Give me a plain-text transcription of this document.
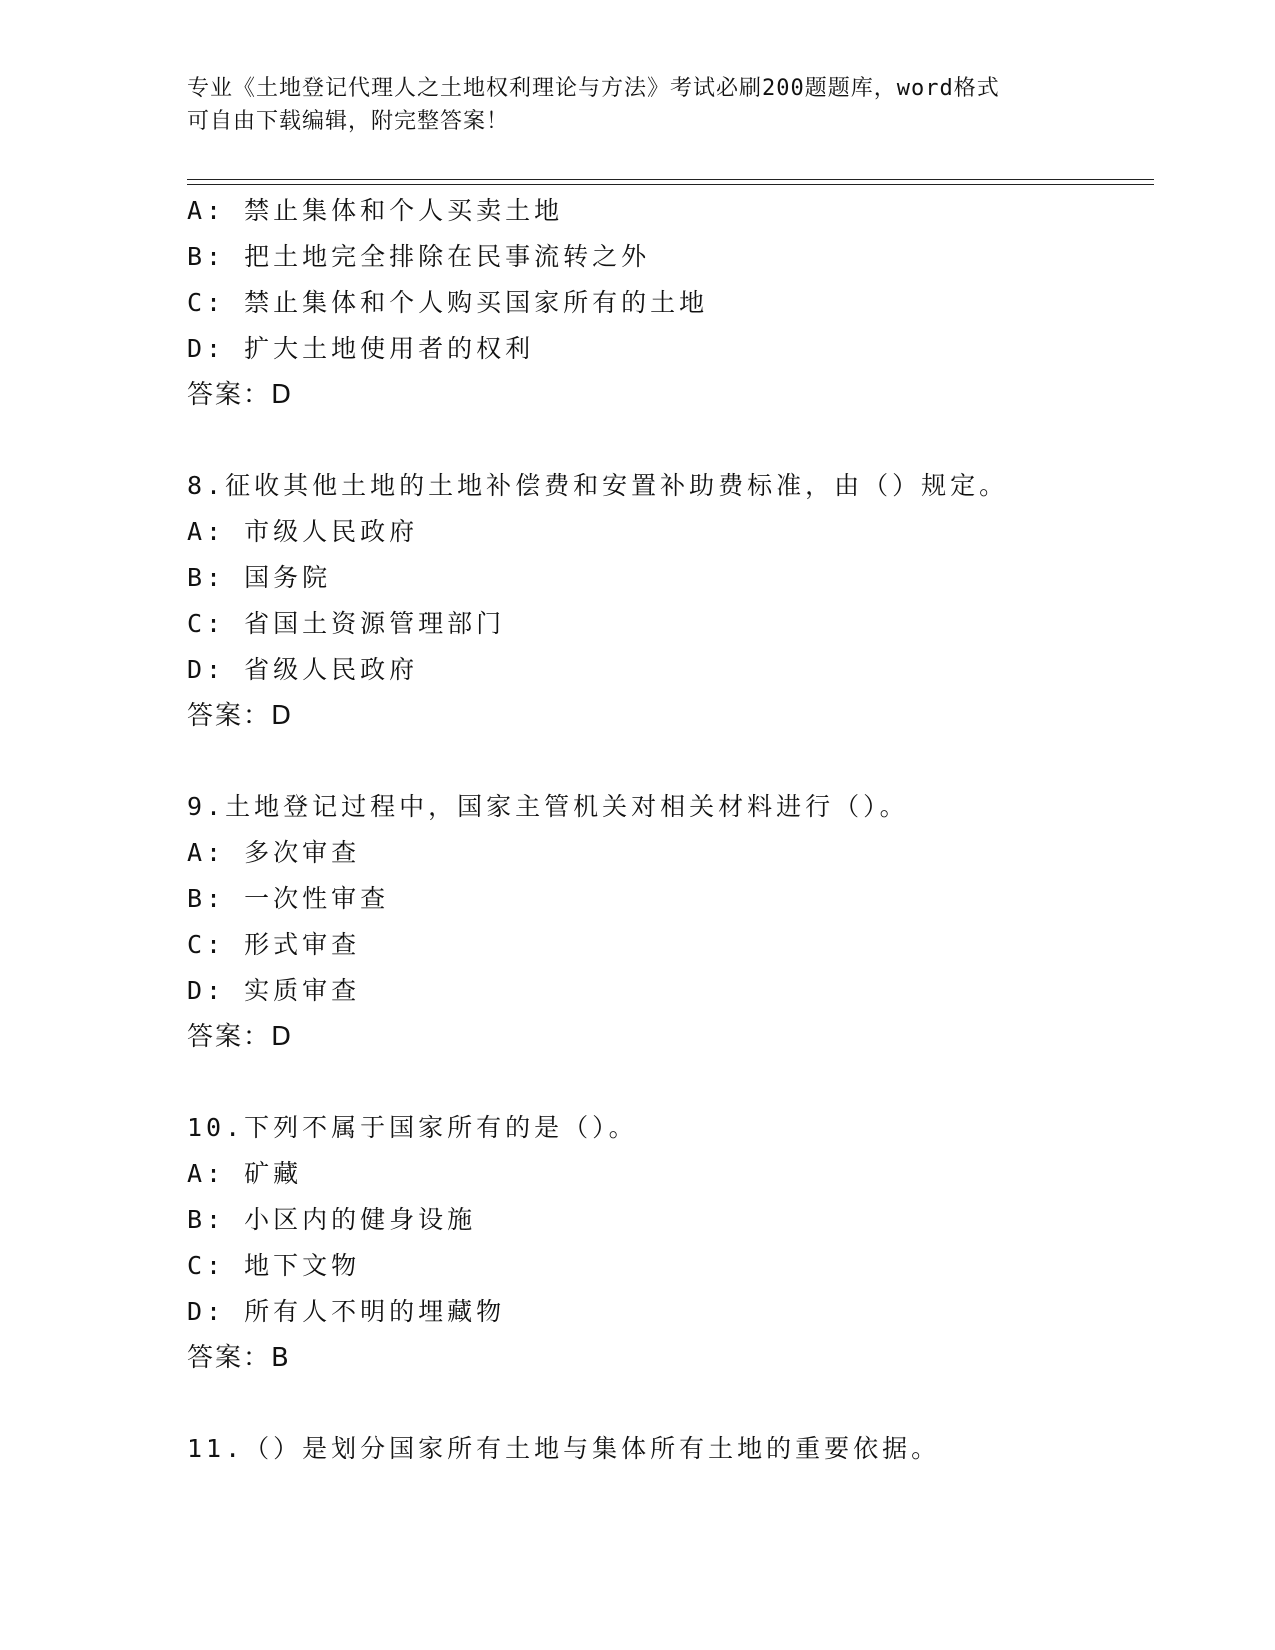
专业《土地登记代理人之土地权利理论与方法》考试必刷200题题库，word格式
可自由下载编辑，附完整答案！
A: 禁止集体和个人买卖土地
B: 把土地完全排除在民事流转之外
C: 禁止集体和个人购买国家所有的土地
D: 扩大土地使用者的权利
答案：D
8.征收其他土地的土地补偿费和安置补助费标准，由（）规定。
A: 市级人民政府
B: 国务院
C: 省国土资源管理部门
D: 省级人民政府
答案：D
9.土地登记过程中，国家主管机关对相关材料进行（）。
A: 多次审查
B: 一次性审查
C: 形式审查
D: 实质审查
答案：D
10.下列不属于国家所有的是（）。
A: 矿藏
B: 小区内的健身设施
C: 地下文物
D: 所有人不明的埋藏物
答案：B
11.（）是划分国家所有土地与集体所有土地的重要依据。
